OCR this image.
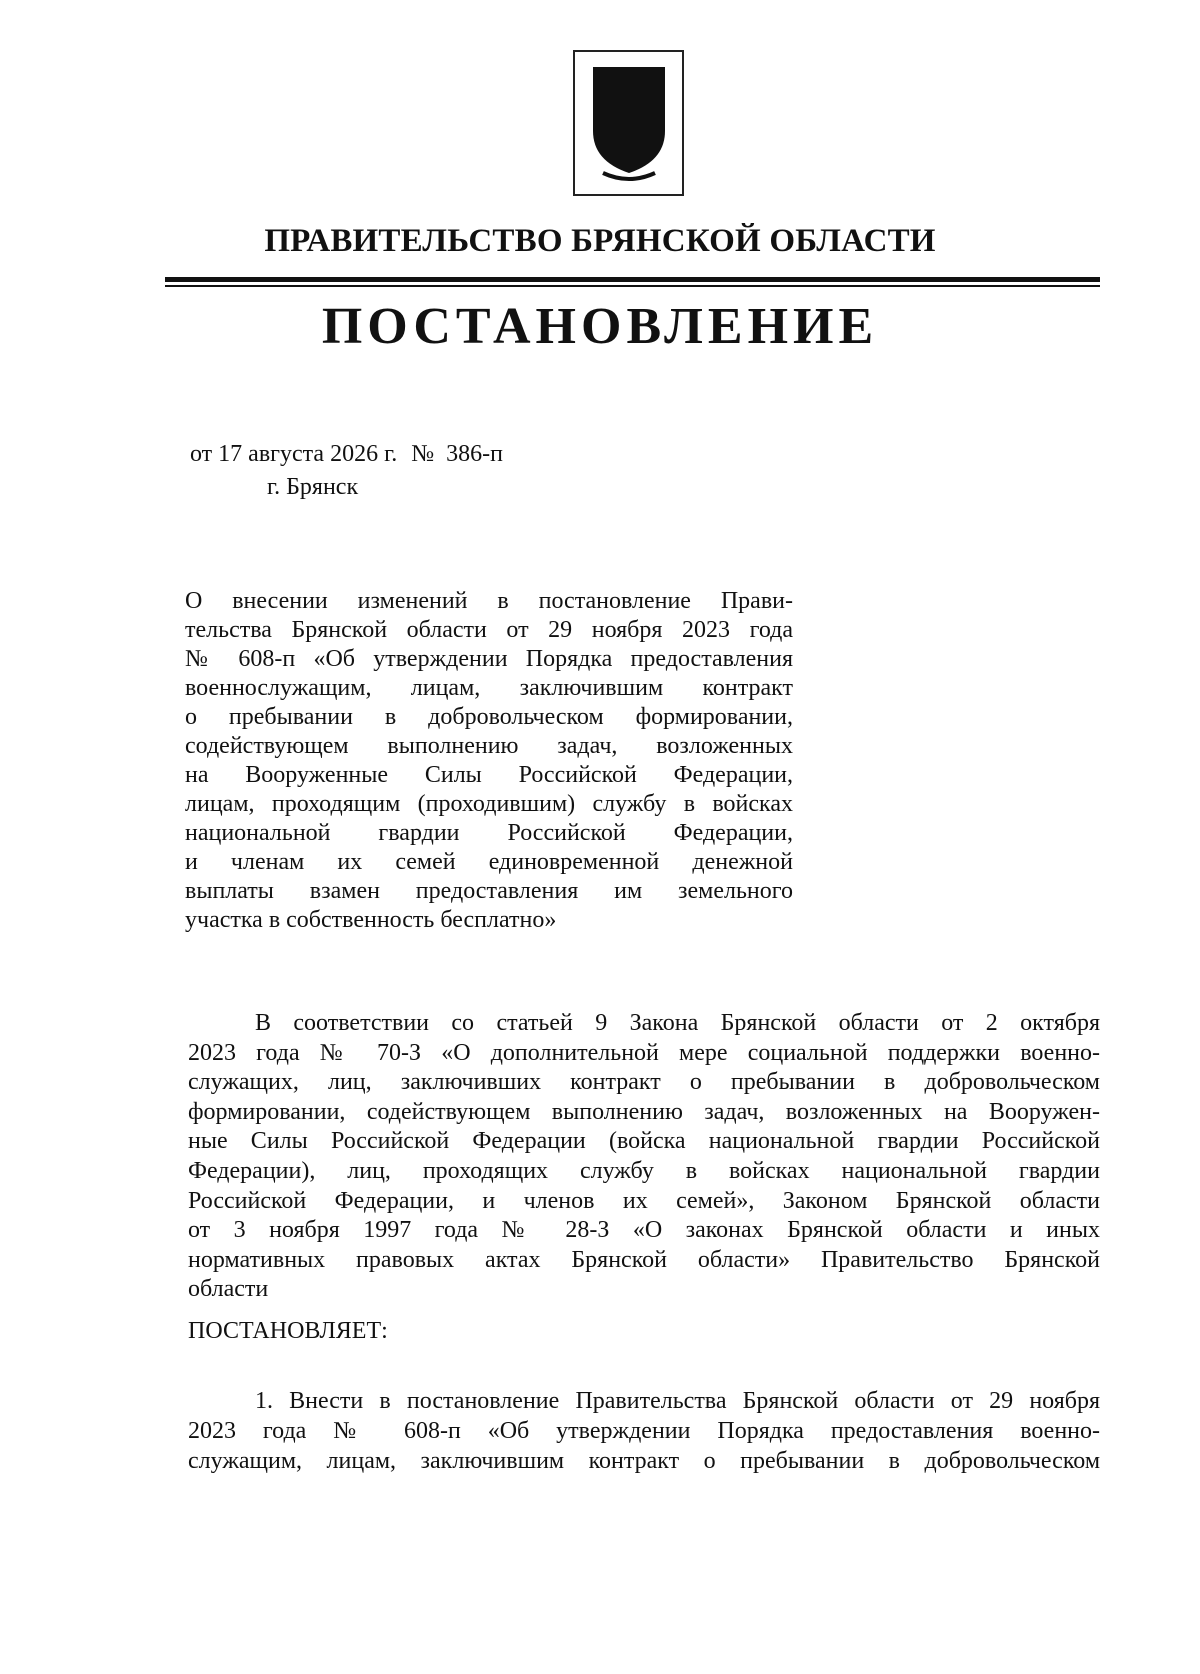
ПРАВИТЕЛЬСТВО БРЯНСКОЙ ОБЛАСТИ
ПОСТАНОВЛЕНИЕ
от 17 августа 2026 г. № 386-п
г. Брянск
О внесении изменений в постановление Прави-
тельства Брянской области от 29 ноября 2023 года
№ 608-п «Об утверждении Порядка предоставления
военнослужащим, лицам, заключившим контракт
о пребывании в добровольческом формировании,
содействующем выполнению задач, возложенных
на Вооруженные Силы Российской Федерации,
лицам, проходящим (проходившим) службу в войсках
национальной гвардии Российской Федерации,
и членам их семей единовременной денежной
выплаты взамен предоставления им земельного
участка в собственность бесплатно»
В соответствии со статьей 9 Закона Брянской области от 2 октября
2023 года № 70-З «О дополнительной мере социальной поддержки военно-
служащих, лиц, заключивших контракт о пребывании в добровольческом
формировании, содействующем выполнению задач, возложенных на Вооружен-
ные Силы Российской Федерации (войска национальной гвардии Российской
Федерации), лиц, проходящих службу в войсках национальной гвардии
Российской Федерации, и членов их семей», Законом Брянской области
от 3 ноября 1997 года № 28-З «О законах Брянской области и иных
нормативных правовых актах Брянской области» Правительство Брянской
области
ПОСТАНОВЛЯЕТ:
1. Внести в постановление Правительства Брянской области от 29 ноября
2023 года № 608-п «Об утверждении Порядка предоставления военно-
служащим, лицам, заключившим контракт о пребывании в добровольческом
